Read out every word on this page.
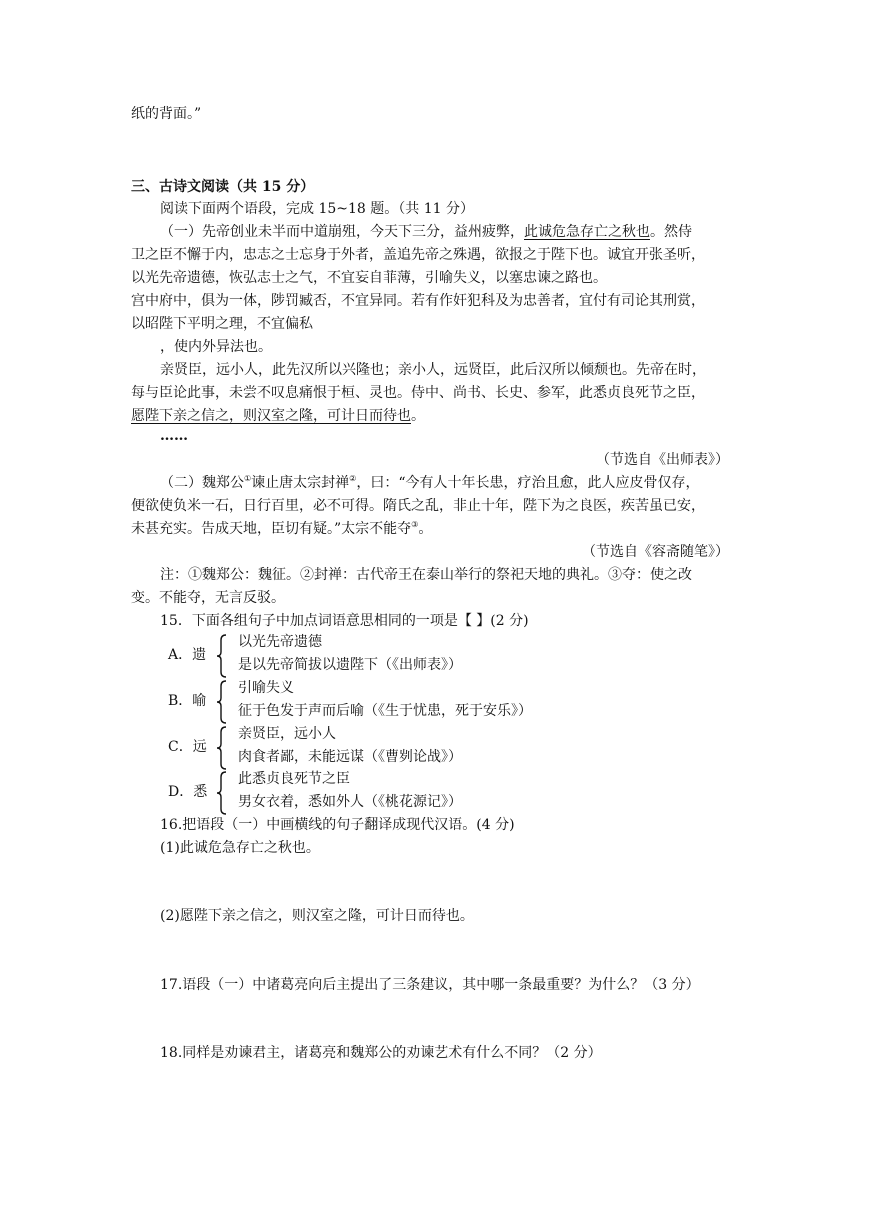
纸的背面。”
三、古诗文阅读（共 15 分）
阅读下面两个语段，完成 15~18 题。（共 11 分）
（一）先帝创业未半而中道崩殂，今天下三分，益州疲弊，此诚危急存亡之秋也。然侍
卫之臣不懈于内，忠志之士忘身于外者，盖追先帝之殊遇，欲报之于陛下也。诚宜开张圣听，
以光先帝遗德，恢弘志士之气，不宜妄自菲薄，引喻失义，以塞忠谏之路也。
宫中府中，俱为一体，陟罚臧否，不宜异同。若有作奸犯科及为忠善者，宜付有司论其刑赏，
以昭陛下平明之理，不宜偏私
，使内外异法也。
亲贤臣，远小人，此先汉所以兴隆也；亲小人，远贤臣，此后汉所以倾颓也。先帝在时，
每与臣论此事，未尝不叹息痛恨于桓、灵也。侍中、尚书、长史、参军，此悉贞良死节之臣，
愿陛下亲之信之，则汉室之隆，可计日而待也。
……
（节选自《出师表》）
（二）魏郑公①谏止唐太宗封禅②，曰：“今有人十年长患，疗治且愈，此人应皮骨仅存，
便欲使负米一石，日行百里，必不可得。隋氏之乱，非止十年，陛下为之良医，疾苦虽已安，
未甚充实。告成天地，臣切有疑。”太宗不能夺③。
（节选自《容斋随笔》）
注：①魏郑公：魏征。②封禅：古代帝王在泰山举行的祭祀天地的典礼。③夺：使之改
变。不能夺，无言反驳。
15．下面各组句子中加点词语意思相同的一项是【 】(2 分)
A．遗
以光先帝遗德
是以先帝简拔以遗陛下（《出师表》）
B．喻
引喻失义
征于色发于声而后喻（《生于忧患，死于安乐》）
C．远
亲贤臣，远小人
肉食者鄙，未能远谋（《曹刿论战》）
D．悉
此悉贞良死节之臣
男女衣着，悉如外人（《桃花源记》）
16.把语段（一）中画横线的句子翻译成现代汉语。(4 分)
(1)此诚危急存亡之秋也。
(2)愿陛下亲之信之，则汉室之隆，可计日而待也。
17.语段（一）中诸葛亮向后主提出了三条建议，其中哪一条最重要？为什么？（3 分）
18.同样是劝谏君主，诸葛亮和魏郑公的劝谏艺术有什么不同？（2 分）
